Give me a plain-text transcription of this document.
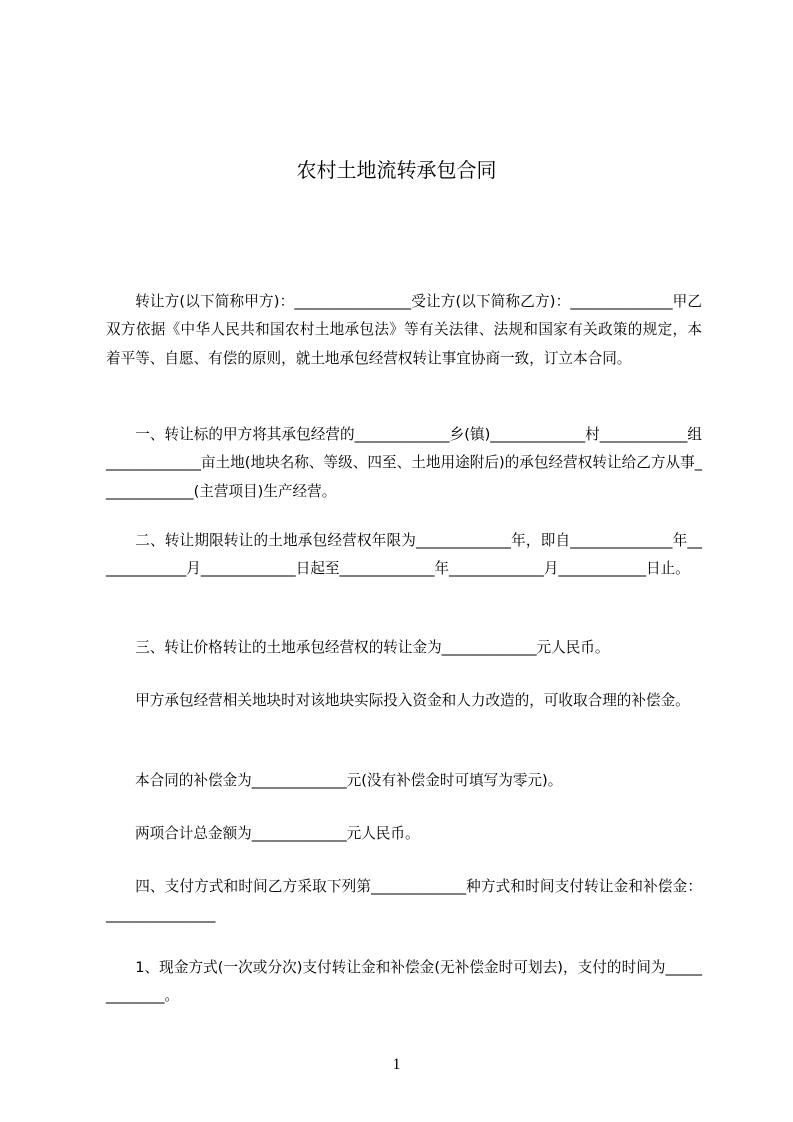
农村土地流转承包合同

转让方(以下简称甲方)：________________受让方(以下简称乙方)：______________甲乙双方依据《中华人民共和国农村土地承包法》等有关法律、法规和国家有关政策的规定，本着平等、自愿、有偿的原则，就土地承包经营权转让事宜协商一致，订立本合同。

一、转让标的甲方将其承包经营的_____________乡(镇)_____________村____________组_____________亩土地(地块名称、等级、四至、土地用途附后)的承包经营权转让给乙方从事_____________(主营项目)生产经营。

二、转让期限转让的土地承包经营权年限为_____________年，即自______________年_____________月_____________日起至_____________年_____________月____________日止。

三、转让价格转让的土地承包经营权的转让金为_____________元人民币。

甲方承包经营相关地块时对该地块实际投入资金和人力改造的，可收取合理的补偿金。

本合同的补偿金为_____________元(没有补偿金时可填写为零元)。

两项合计总金额为_____________元人民币。

四、支付方式和时间乙方采取下列第_____________种方式和时间支付转让金和补偿金：_______________

1、现金方式(一次或分次)支付转让金和补偿金(无补偿金时可划去)，支付的时间为_____________。

1
